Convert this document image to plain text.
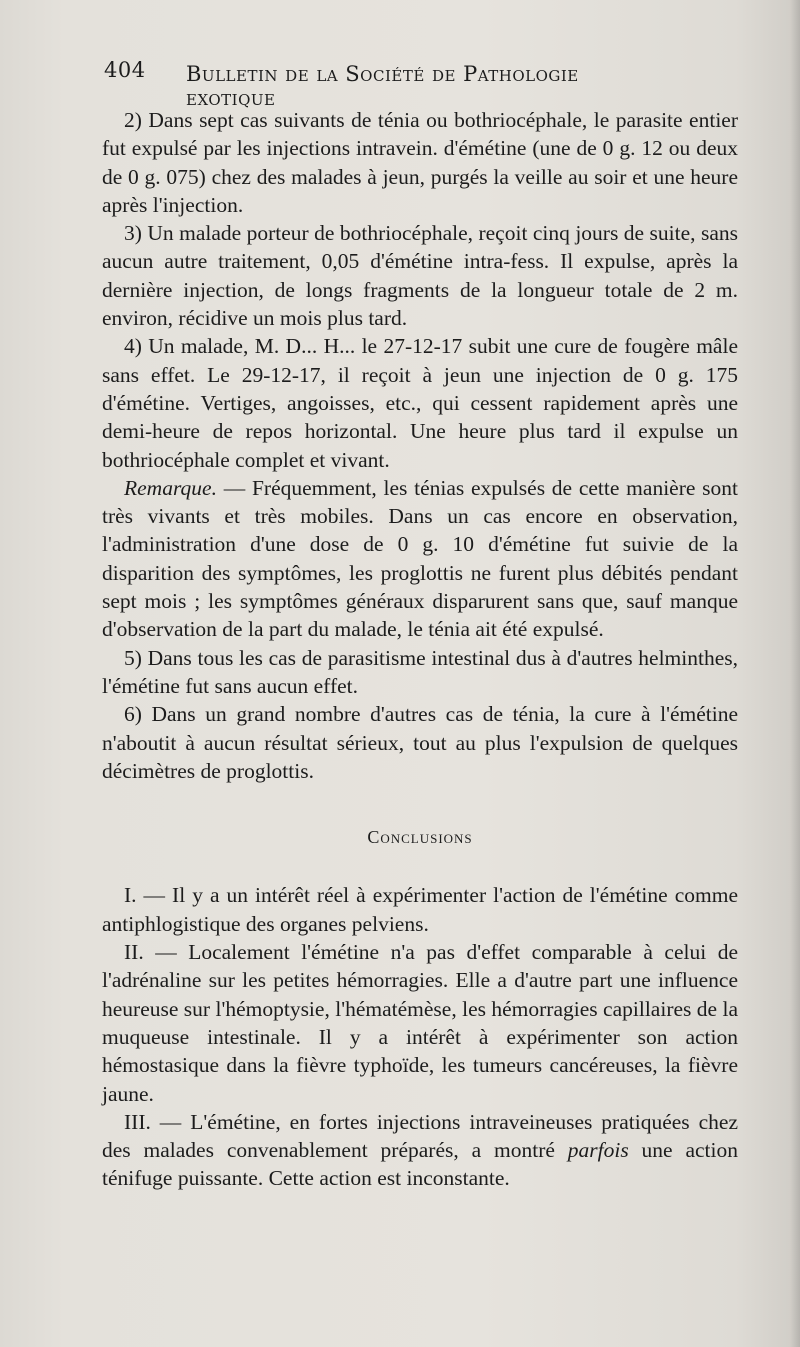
404 Bulletin de la Société de Pathologie exotique

2) Dans sept cas suivants de ténia ou bothriocéphale, le parasite entier fut expulsé par les injections intravein. d'émétine (une de 0 g. 12 ou deux de 0 g. 075) chez des malades à jeun, purgés la veille au soir et une heure après l'injection.

3) Un malade porteur de bothriocéphale, reçoit cinq jours de suite, sans aucun autre traitement, 0,05 d'émétine intra-fess. Il expulse, après la dernière injection, de longs fragments de la longueur totale de 2 m. environ, récidive un mois plus tard.

4) Un malade, M. D... H... le 27-12-17 subit une cure de fougère mâle sans effet. Le 29-12-17, il reçoit à jeun une injection de 0 g. 175 d'émétine. Vertiges, angoisses, etc., qui cessent rapidement après une demi-heure de repos horizontal. Une heure plus tard il expulse un bothriocéphale complet et vivant.

Remarque. — Fréquemment, les ténias expulsés de cette manière sont très vivants et très mobiles. Dans un cas encore en observation, l'administration d'une dose de 0 g. 10 d'émétine fut suivie de la disparition des symptômes, les proglottis ne furent plus débités pendant sept mois ; les symptômes généraux disparurent sans que, sauf manque d'observation de la part du malade, le ténia ait été expulsé.

5) Dans tous les cas de parasitisme intestinal dus à d'autres helminthes, l'émétine fut sans aucun effet.

6) Dans un grand nombre d'autres cas de ténia, la cure à l'émétine n'aboutit à aucun résultat sérieux, tout au plus l'expulsion de quelques décimètres de proglottis.

Conclusions

I. — Il y a un intérêt réel à expérimenter l'action de l'émétine comme antiphlogistique des organes pelviens.

II. — Localement l'émétine n'a pas d'effet comparable à celui de l'adrénaline sur les petites hémorragies. Elle a d'autre part une influence heureuse sur l'hémoptysie, l'hématémèse, les hémorragies capillaires de la muqueuse intestinale. Il y a intérêt à expérimenter son action hémostasique dans la fièvre typhoïde, les tumeurs cancéreuses, la fièvre jaune.

III. — L'émétine, en fortes injections intraveineuses pratiquées chez des malades convenablement préparés, a montré parfois une action ténifuge puissante. Cette action est inconstante.
